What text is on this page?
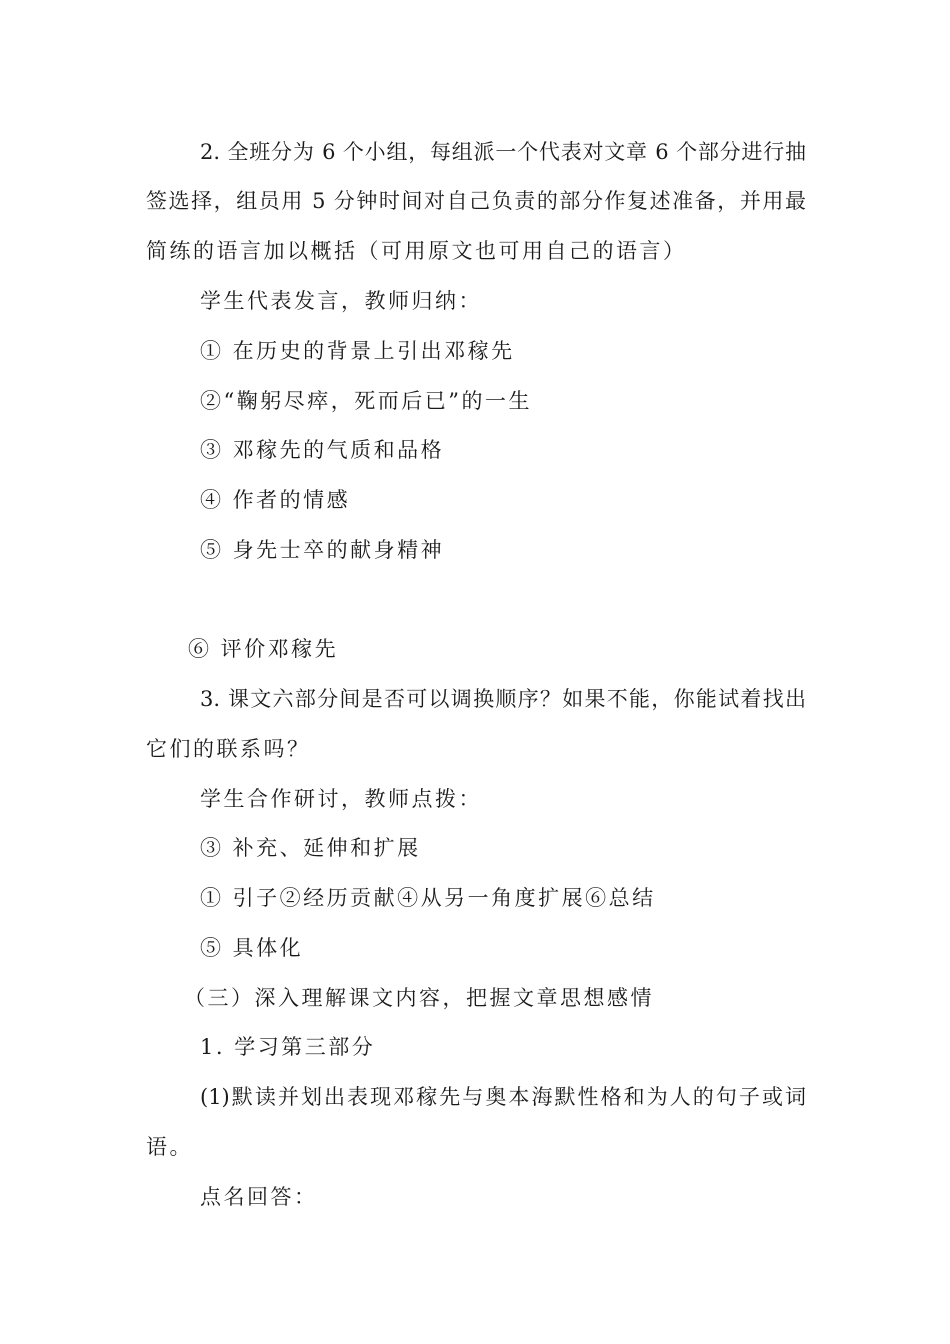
2. 全班分为 6 个小组，每组派一个代表对文章 6 个部分进行抽
签选择，组员用 5 分钟时间对自己负责的部分作复述准备，并用最
简练的语言加以概括（可用原文也可用自己的语言）
学生代表发言，教师归纳：
① 在历史的背景上引出邓稼先
②“鞠躬尽瘁，死而后已”的一生
③ 邓稼先的气质和品格
④ 作者的情感
⑤ 身先士卒的献身精神
⑥ 评价邓稼先
3. 课文六部分间是否可以调换顺序？如果不能，你能试着找出
它们的联系吗？
学生合作研讨，教师点拨：
③ 补充、延伸和扩展
① 引子②经历贡献④从另一角度扩展⑥总结
⑤ 具体化
（三）深入理解课文内容，把握文章思想感情
1. 学习第三部分
(1)默读并划出表现邓稼先与奥本海默性格和为人的句子或词
语。
点名回答：
